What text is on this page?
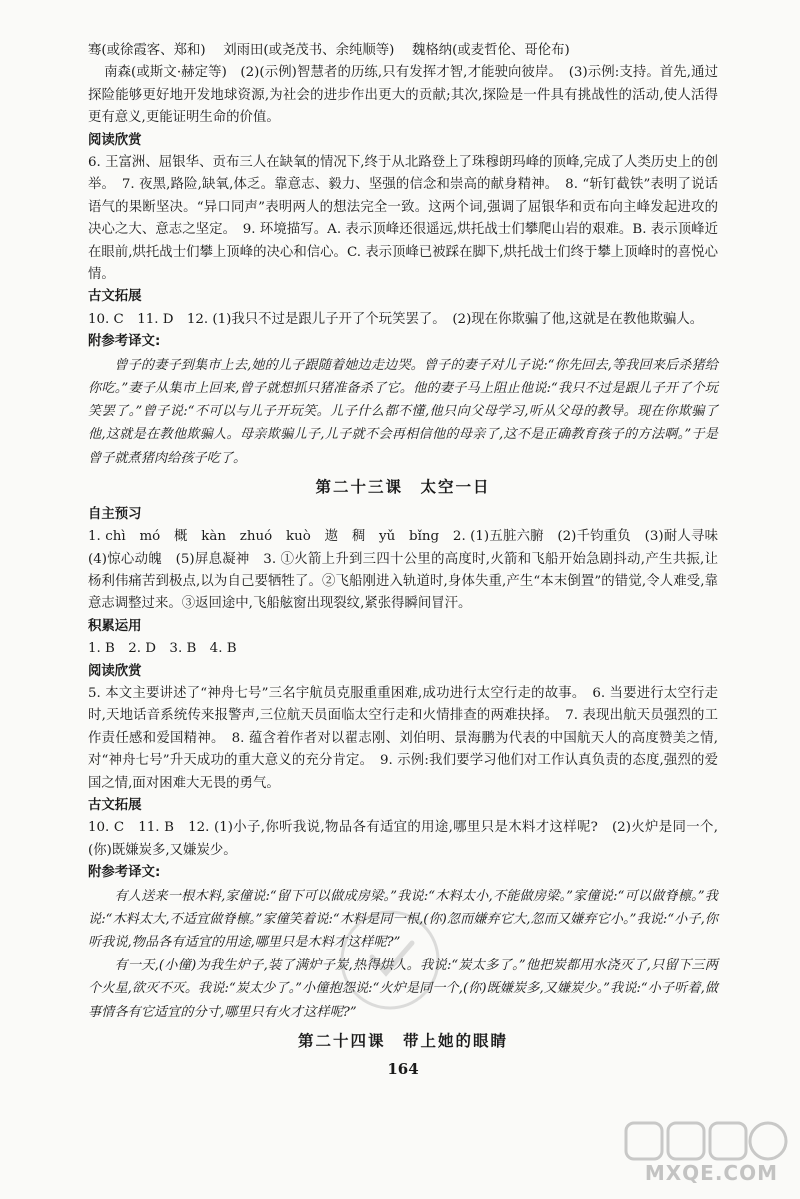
骞(或徐霞客、郑和)　 刘雨田(或尧茂书、余纯顺等)　 魏格纳(或麦哲伦、哥伦布)

南森(或斯文·赫定等)　(2)(示例)智慧者的历练,只有发挥才智,才能驶向彼岸。　(3)示例:支持。首先,通过探险能够更好地开发地球资源,为社会的进步作出更大的贡献;其次,探险是一件具有挑战性的活动,使人活得更有意义,更能证明生命的价值。

阅读欣赏

6. 王富洲、屈银华、贡布三人在缺氧的情况下,终于从北路登上了珠穆朗玛峰的顶峰,完成了人类历史上的创举。　7. 夜黑,路险,缺氧,体乏。靠意志、毅力、坚强的信念和崇高的献身精神。　8. “斩钉截铁”表明了说话语气的果断坚决。“异口同声”表明两人的想法完全一致。这两个词,强调了屈银华和贡布向主峰发起进攻的决心之大、意志之坚定。　9. 环境描写。A. 表示顶峰还很遥远,烘托战士们攀爬山岩的艰难。B. 表示顶峰近在眼前,烘托战士们攀上顶峰的决心和信心。C. 表示顶峰已被踩在脚下,烘托战士们终于攀上顶峰时的喜悦心情。

古文拓展

10. C　11. D　12. (1)我只不过是跟儿子开了个玩笑罢了。　(2)现在你欺骗了他,这就是在教他欺骗人。

附参考译文:

曾子的妻子到集市上去,她的儿子跟随着她边走边哭。曾子的妻子对儿子说:“你先回去,等我回来后杀猪给你吃。”妻子从集市上回来,曾子就想抓只猪准备杀了它。他的妻子马上阻止他说:“我只不过是跟儿子开了个玩笑罢了。”曾子说:“不可以与儿子开玩笑。儿子什么都不懂,他只向父母学习,听从父母的教导。现在你欺骗了他,这就是在教他欺骗人。母亲欺骗儿子,儿子就不会再相信他的母亲了,这不是正确教育孩子的方法啊。”于是曾子就煮猪肉给孩子吃了。

第二十三课　太空一日
自主预习

1. chì　mó　概　kàn　zhuó　kuò　遨　稠　yǔ　bǐng　2. (1)五脏六腑　(2)千钧重负　(3)耐人寻味　(4)惊心动魄　(5)屏息凝神　3. ①火箭上升到三四十公里的高度时,火箭和飞船开始急剧抖动,产生共振,让杨利伟痛苦到极点,以为自己要牺牲了。②飞船刚进入轨道时,身体失重,产生“本末倒置”的错觉,令人难受,靠意志调整过来。③返回途中,飞船舷窗出现裂纹,紧张得瞬间冒汗。

积累运用

1. B　2. D　3. B　4. B

阅读欣赏

5. 本文主要讲述了“神舟七号”三名宇航员克服重重困难,成功进行太空行走的故事。　6. 当要进行太空行走时,天地话音系统传来报警声,三位航天员面临太空行走和火情排查的两难抉择。　7. 表现出航天员强烈的工作责任感和爱国精神。　8. 蕴含着作者对以翟志刚、刘伯明、景海鹏为代表的中国航天人的高度赞美之情,对“神舟七号”升天成功的重大意义的充分肯定。　9. 示例:我们要学习他们对工作认真负责的态度,强烈的爱国之情,面对困难大无畏的勇气。

古文拓展

10. C　11. B　12. (1)小子,你听我说,物品各有适宜的用途,哪里只是木料才这样呢?　(2)火炉是同一个,(你)既嫌炭多,又嫌炭少。

附参考译文:

有人送来一根木料,家僮说:“留下可以做成房梁。”我说:“木料太小,不能做房梁。”家僮说:“可以做脊檩。”我说:“木料太大,不适宜做脊檩。”家僮笑着说:“木料是同一根,(你)忽而嫌弃它大,忽而又嫌弃它小。”我说:“小子,你听我说,物品各有适宜的用途,哪里只是木料才这样呢?”

有一天,(小僮)为我生炉子,装了满炉子炭,热得烘人。我说:“炭太多了。”他把炭都用水浇灭了,只留下三两个火星,欲灭不灭。我说:“炭太少了。”小僮抱怨说:“火炉是同一个,(你)既嫌炭多,又嫌炭少。”我说:“小子听着,做事情各有它适宜的分寸,哪里只有火才这样呢?”

第二十四课　带上她的眼睛
164
MXQE.COM
